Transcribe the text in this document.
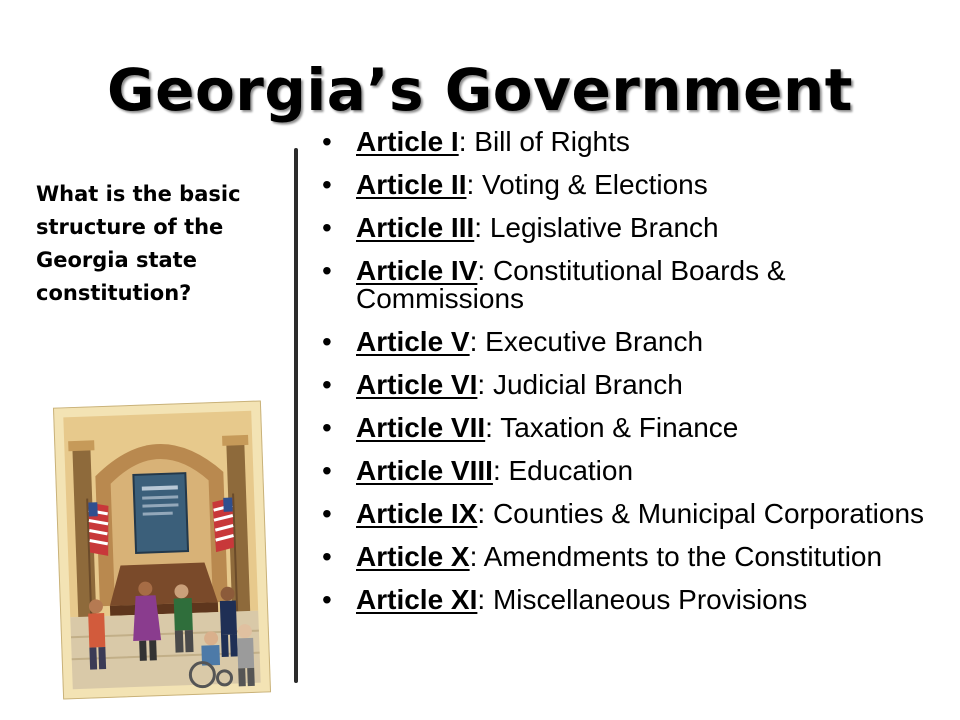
Georgia’s Government
What is the basic structure of the Georgia state constitution?
• Article I: Bill of Rights
• Article II: Voting & Elections
• Article III: Legislative Branch
• Article IV: Constitutional Boards & Commissions
• Article V: Executive Branch
• Article VI: Judicial Branch
• Article VII: Taxation & Finance
• Article VIII: Education
• Article IX: Counties & Municipal Corporations
• Article X: Amendments to the Constitution
• Article XI: Miscellaneous Provisions
